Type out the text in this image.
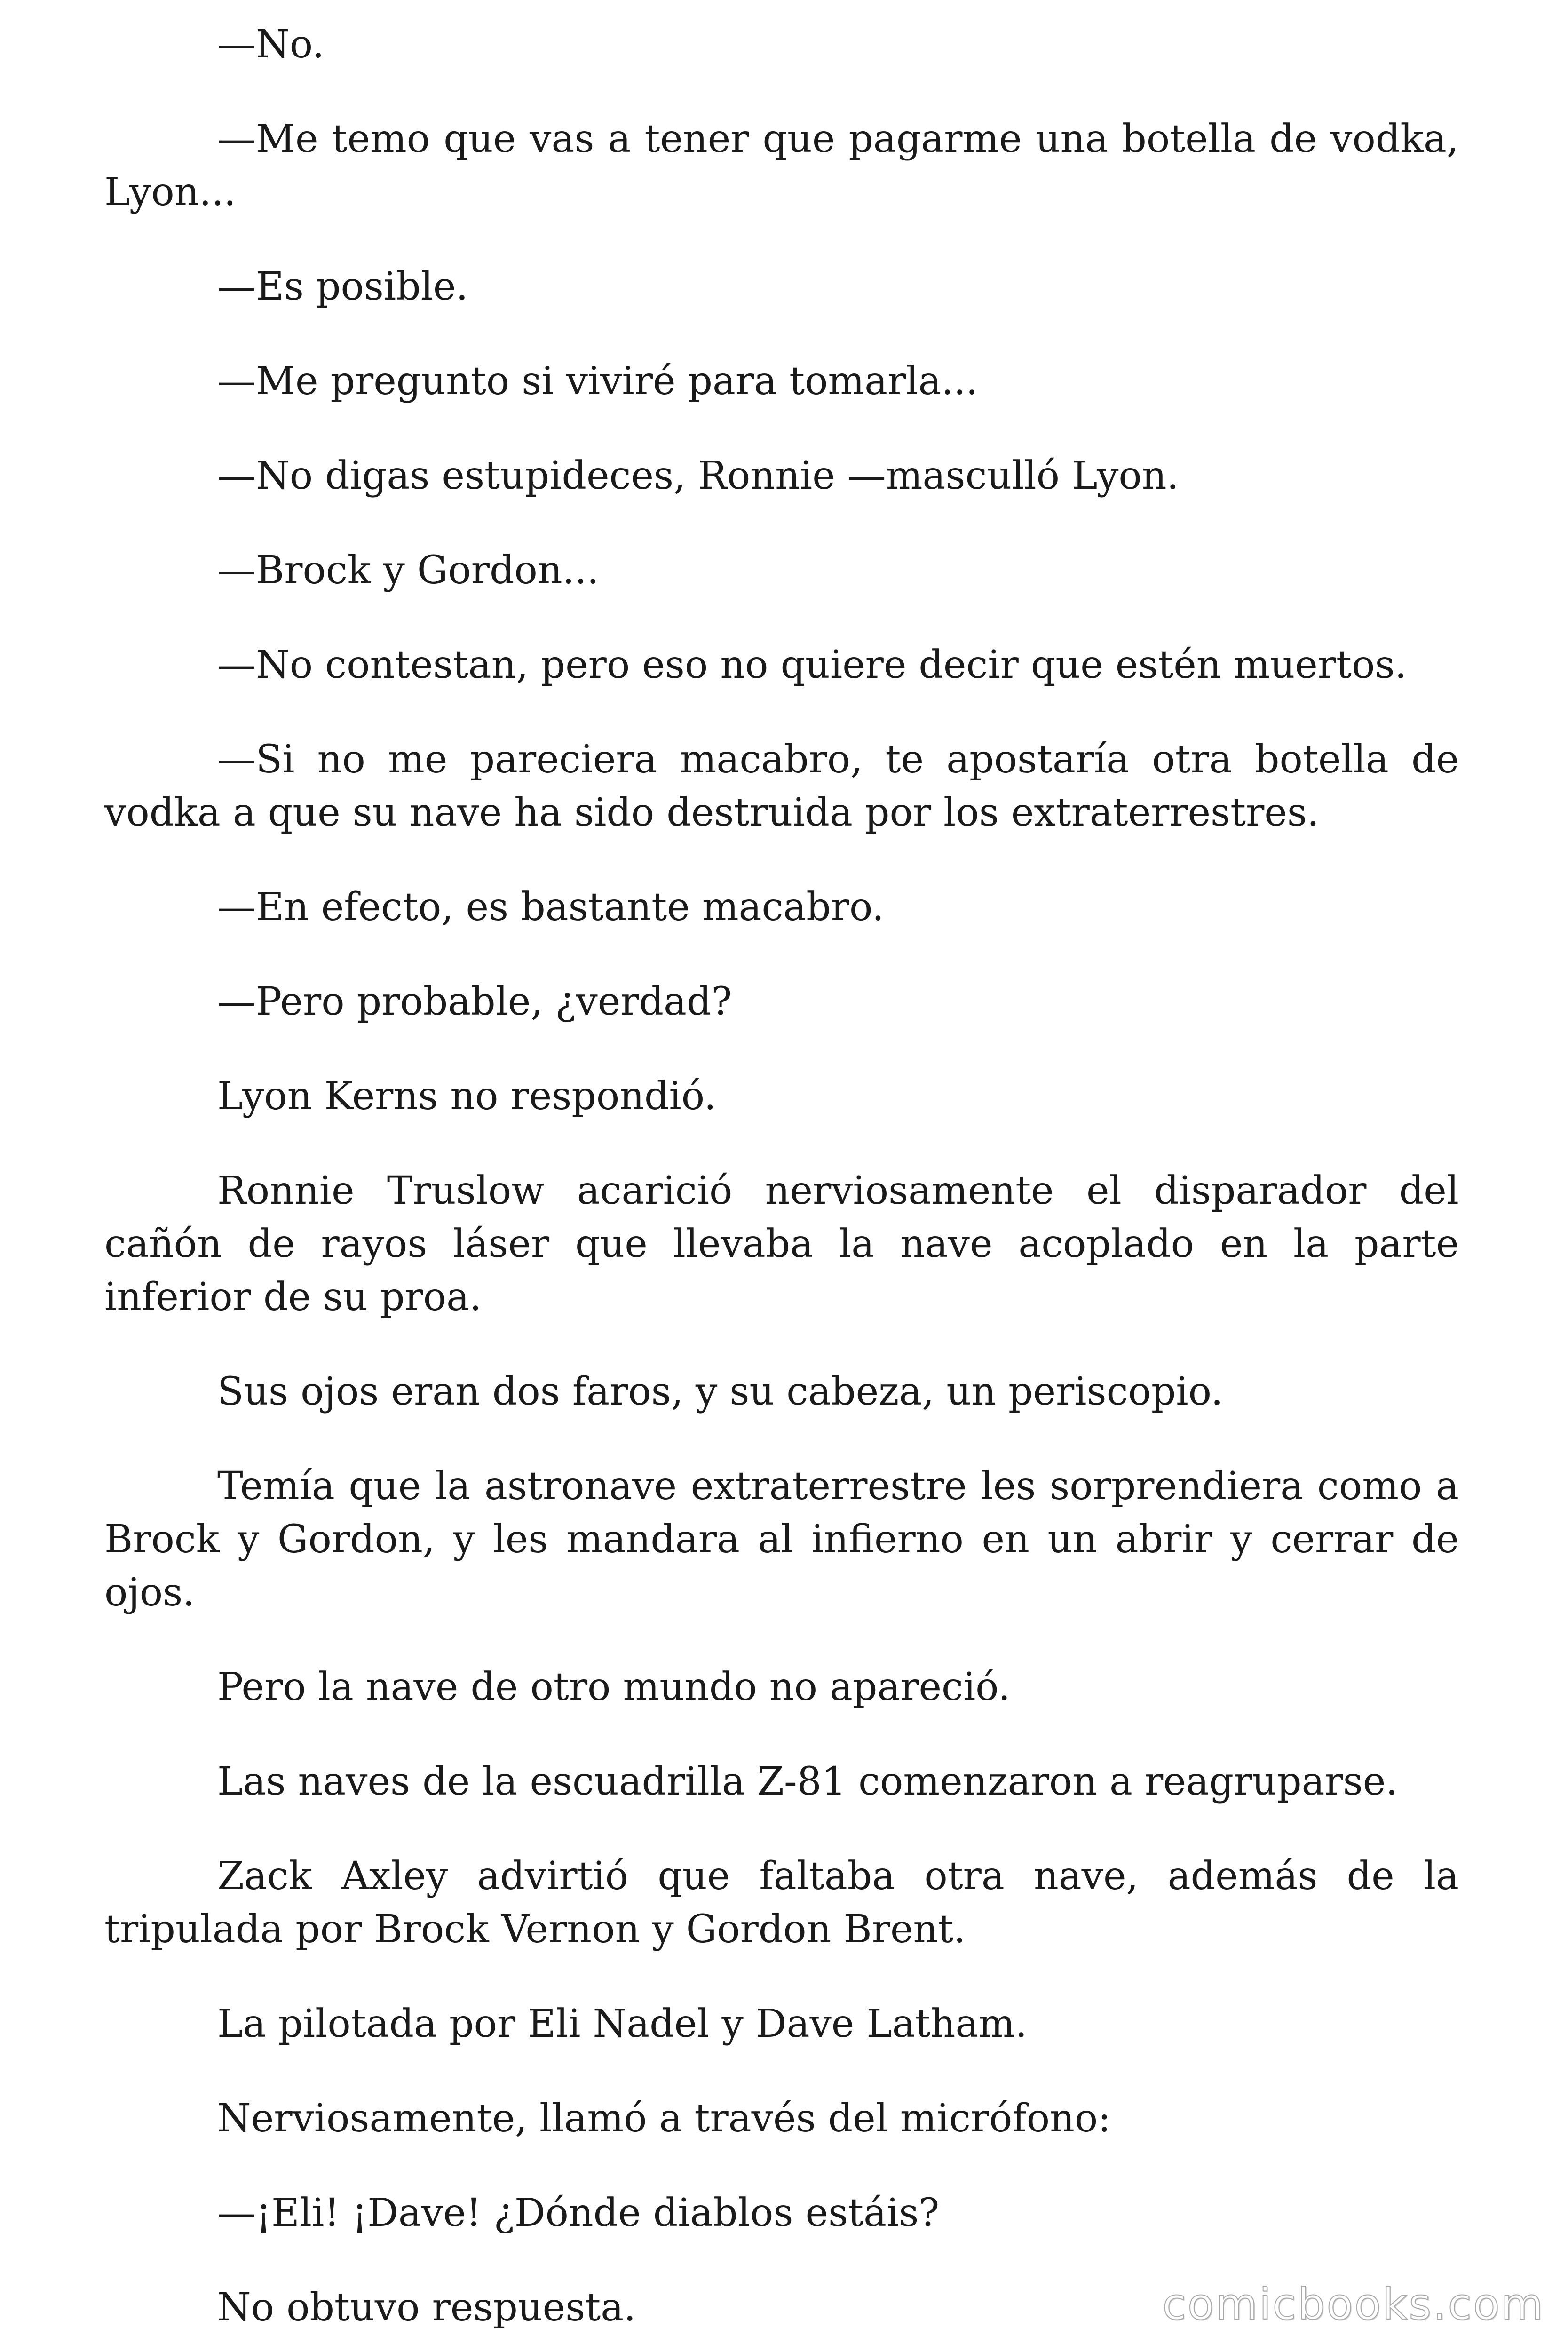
—No.

—Me temo que vas a tener que pagarme una botella de vodka, Lyon...

—Es posible.

—Me pregunto si viviré para tomarla...

—No digas estupideces, Ronnie —masculló Lyon.

—Brock y Gordon...

—No contestan, pero eso no quiere decir que estén muertos.

—Si no me pareciera macabro, te apostaría otra botella de vodka a que su nave ha sido destruida por los extraterrestres.

—En efecto, es bastante macabro.

—Pero probable, ¿verdad?

Lyon Kerns no respondió.

Ronnie Truslow acarició nerviosamente el disparador del cañón de rayos láser que llevaba la nave acoplado en la parte inferior de su proa.

Sus ojos eran dos faros, y su cabeza, un periscopio.

Temía que la astronave extraterrestre les sorprendiera como a Brock y Gordon, y les mandara al infierno en un abrir y cerrar de ojos.

Pero la nave de otro mundo no apareció.

Las naves de la escuadrilla Z-81 comenzaron a reagruparse.

Zack Axley advirtió que faltaba otra nave, además de la tripulada por Brock Vernon y Gordon Brent.

La pilotada por Eli Nadel y Dave Latham.

Nerviosamente, llamó a través del micrófono:

—¡Eli! ¡Dave! ¿Dónde diablos estáis?

No obtuvo respuesta.	comicbooks.com
